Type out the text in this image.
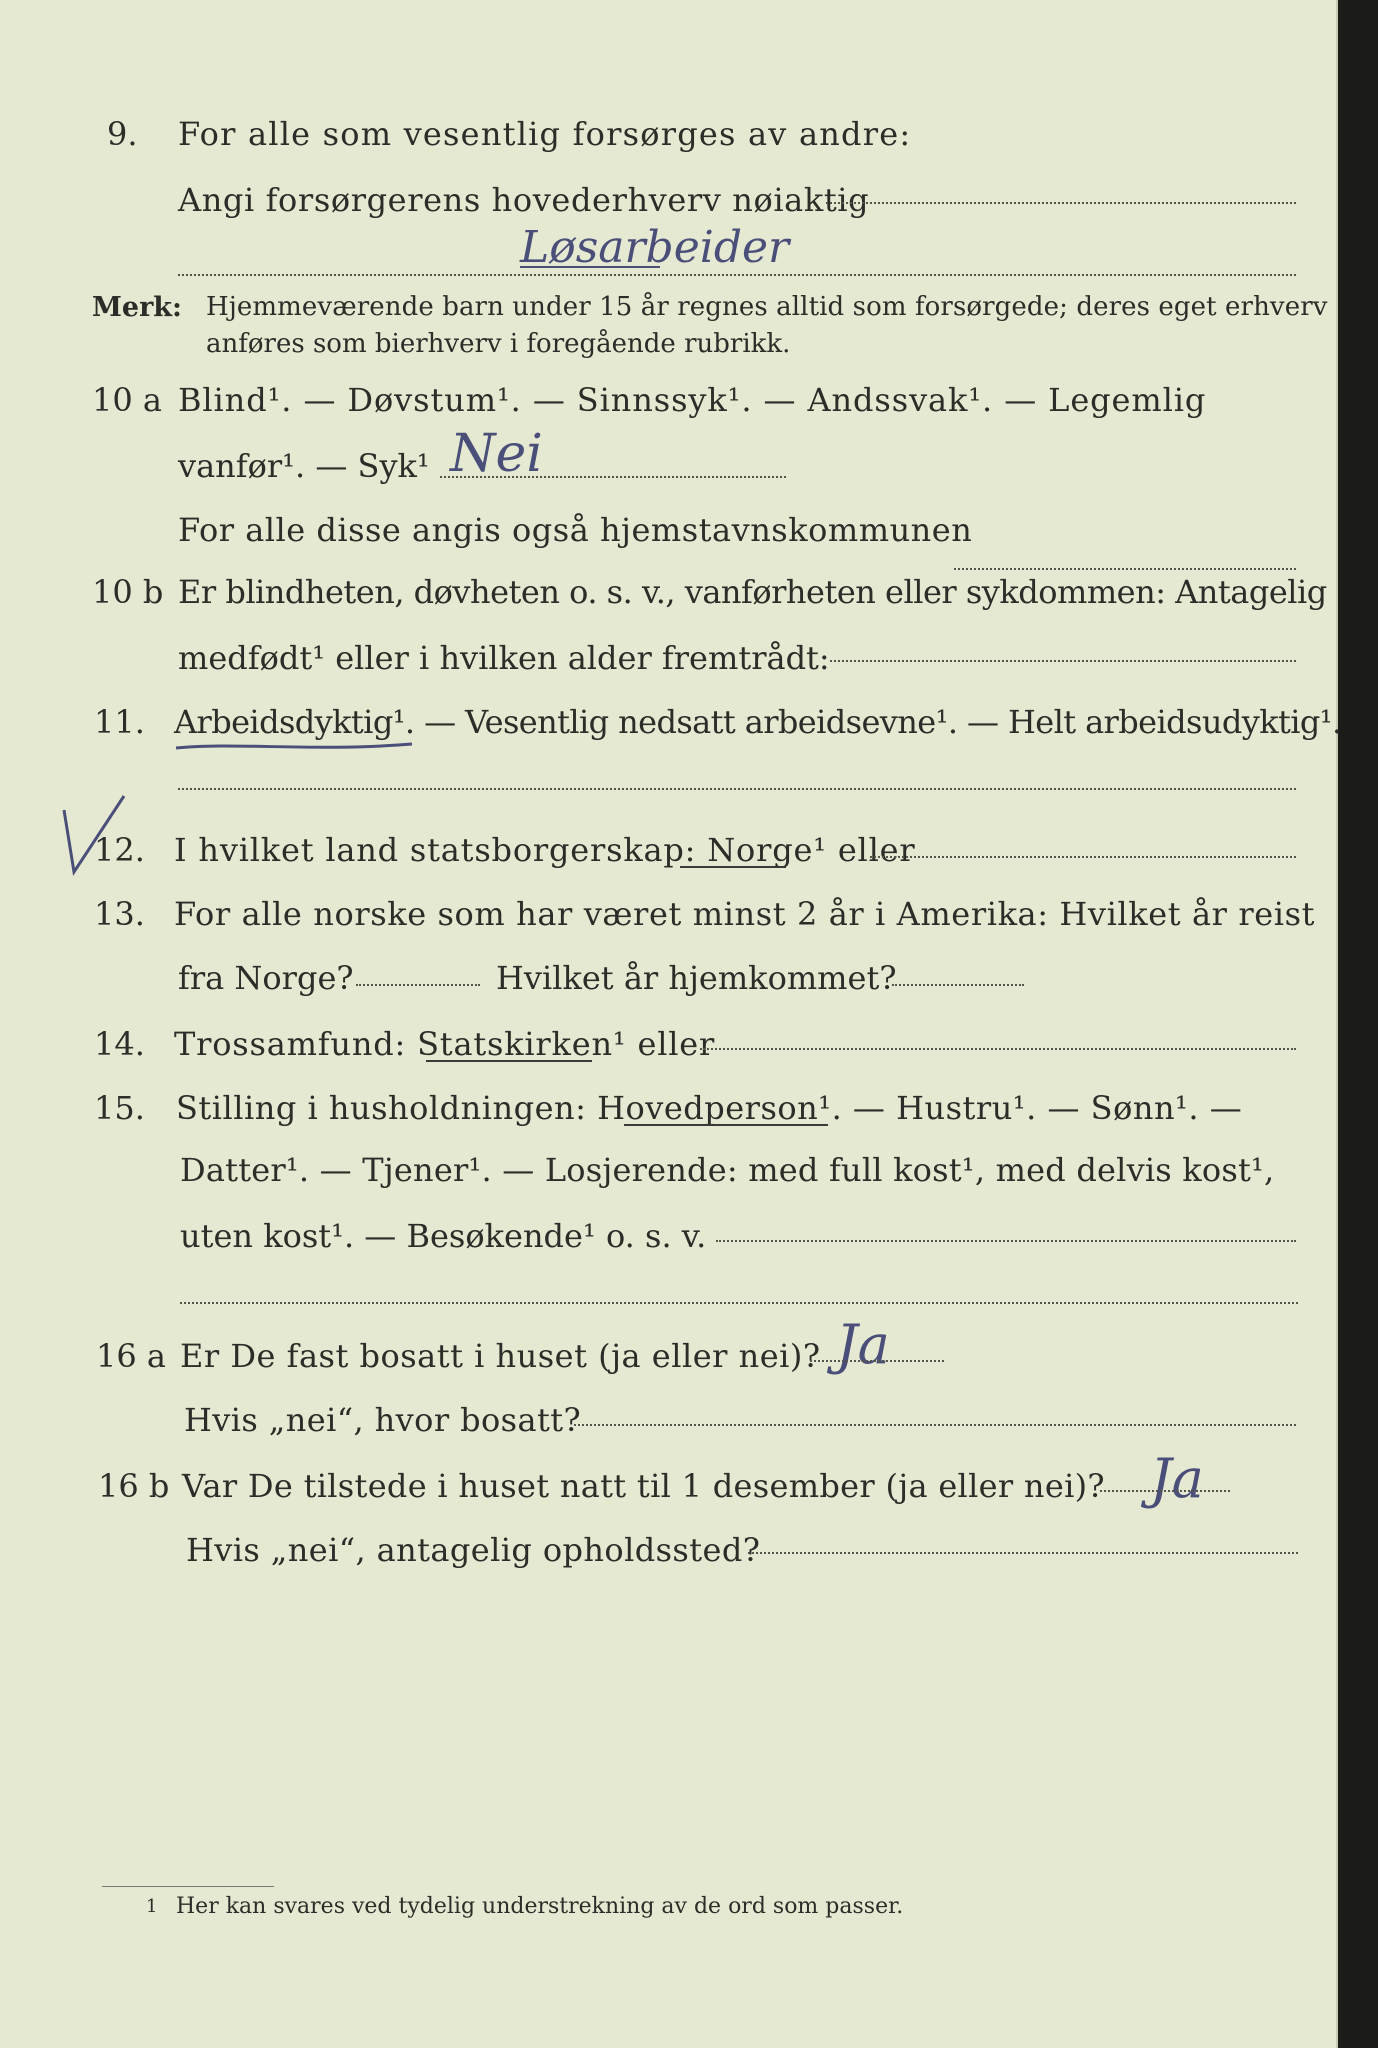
9. For alle som vesentlig forsørges av andre:
Angi forsørgerens hovederhverv nøiaktig
Løsarbeider
Merk: Hjemmeværende barn under 15 år regnes alltid som forsørgede; deres eget erhverv
anføres som bierhverv i foregående rubrikk.
10 a Blind¹. — Døvstum¹. — Sinnssyk¹. — Andssvak¹. — Legemlig
vanfør¹. — Syk¹ Nei
For alle disse angis også hjemstavnskommunen
10 b Er blindheten, døvheten o. s. v., vanførheten eller sykdommen: Antagelig
medfødt¹ eller i hvilken alder fremtrådt:
11. Arbeidsdyktig¹. — Vesentlig nedsatt arbeidsevne¹. — Helt arbeidsudyktig¹.
12. I hvilket land statsborgerskap: Norge¹ eller
13. For alle norske som har været minst 2 år i Amerika: Hvilket år reist
fra Norge?	Hvilket år hjemkommet?
14. Trossamfund: Statskirken¹ eller
15. Stilling i husholdningen: Hovedperson¹. — Hustru¹. — Sønn¹. —
Datter¹. — Tjener¹. — Losjerende: med full kost¹, med delvis kost¹,
uten kost¹. — Besøkende¹ o. s. v.
16 a Er De fast bosatt i huset (ja eller nei)? Ja
Hvis „nei“, hvor bosatt?
16 b Var De tilstede i huset natt til 1 desember (ja eller nei)? Ja
Hvis „nei“, antagelig opholdssted?
1 Her kan svares ved tydelig understrekning av de ord som passer.
